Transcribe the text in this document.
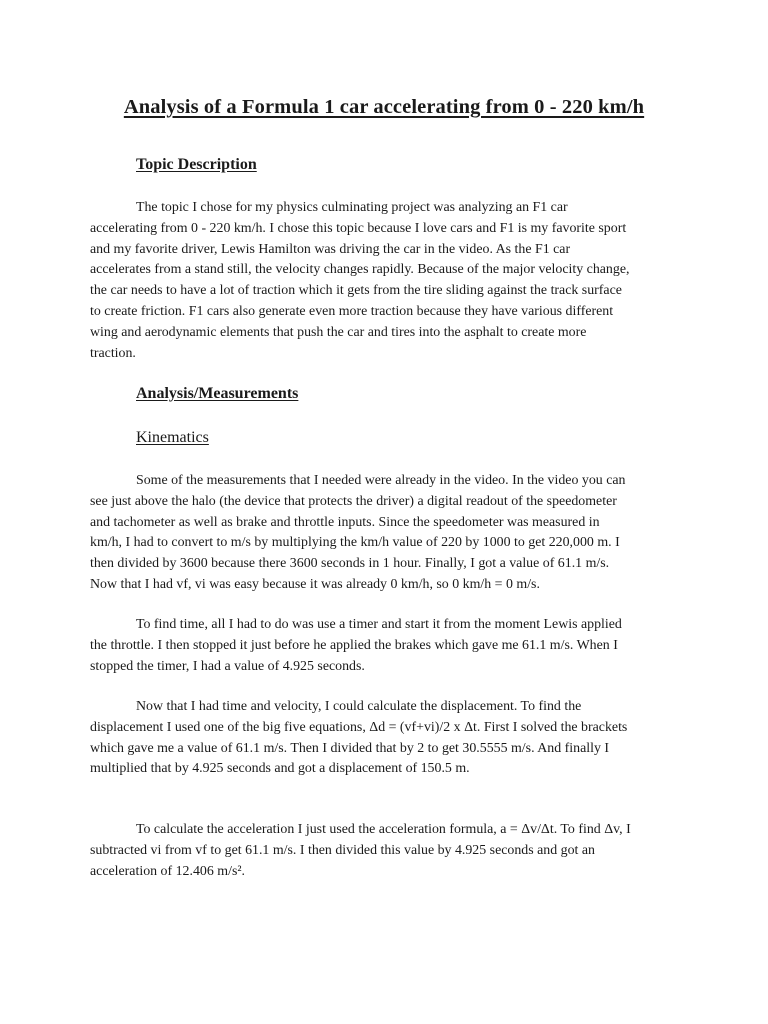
Analysis of a Formula 1 car accelerating from 0 - 220 km/h
Topic Description

The topic I chose for my physics culminating project was analyzing an F1 car
accelerating from 0 - 220 km/h. I chose this topic because I love cars and F1 is my favorite sport
and my favorite driver, Lewis Hamilton was driving the car in the video. As the F1 car
accelerates from a stand still, the velocity changes rapidly. Because of the major velocity change,
the car needs to have a lot of traction which it gets from the tire sliding against the track surface
to create friction. F1 cars also generate even more traction because they have various different
wing and aerodynamic elements that push the car and tires into the asphalt to create more
traction.

Analysis/Measurements
Kinematics

Some of the measurements that I needed were already in the video. In the video you can
see just above the halo (the device that protects the driver) a digital readout of the speedometer
and tachometer as well as brake and throttle inputs. Since the speedometer was measured in
km/h, I had to convert to m/s by multiplying the km/h value of 220 by 1000 to get 220,000 m. I
then divided by 3600 because there 3600 seconds in 1 hour. Finally, I got a value of 61.1 m/s.
Now that I had vf, vi was easy because it was already 0 km/h, so 0 km/h = 0 m/s.

To find time, all I had to do was use a timer and start it from the moment Lewis applied
the throttle. I then stopped it just before he applied the brakes which gave me 61.1 m/s. When I
stopped the timer, I had a value of 4.925 seconds.

Now that I had time and velocity, I could calculate the displacement. To find the
displacement I used one of the big five equations, Δd = (vf+vi)/2 x Δt. First I solved the brackets
which gave me a value of 61.1 m/s. Then I divided that by 2 to get 30.5555 m/s. And finally I
multiplied that by 4.925 seconds and got a displacement of 150.5 m.

To calculate the acceleration I just used the acceleration formula, a = Δv/Δt. To find Δv, I
subtracted vi from vf to get 61.1 m/s. I then divided this value by 4.925 seconds and got an
acceleration of 12.406 m/s².
